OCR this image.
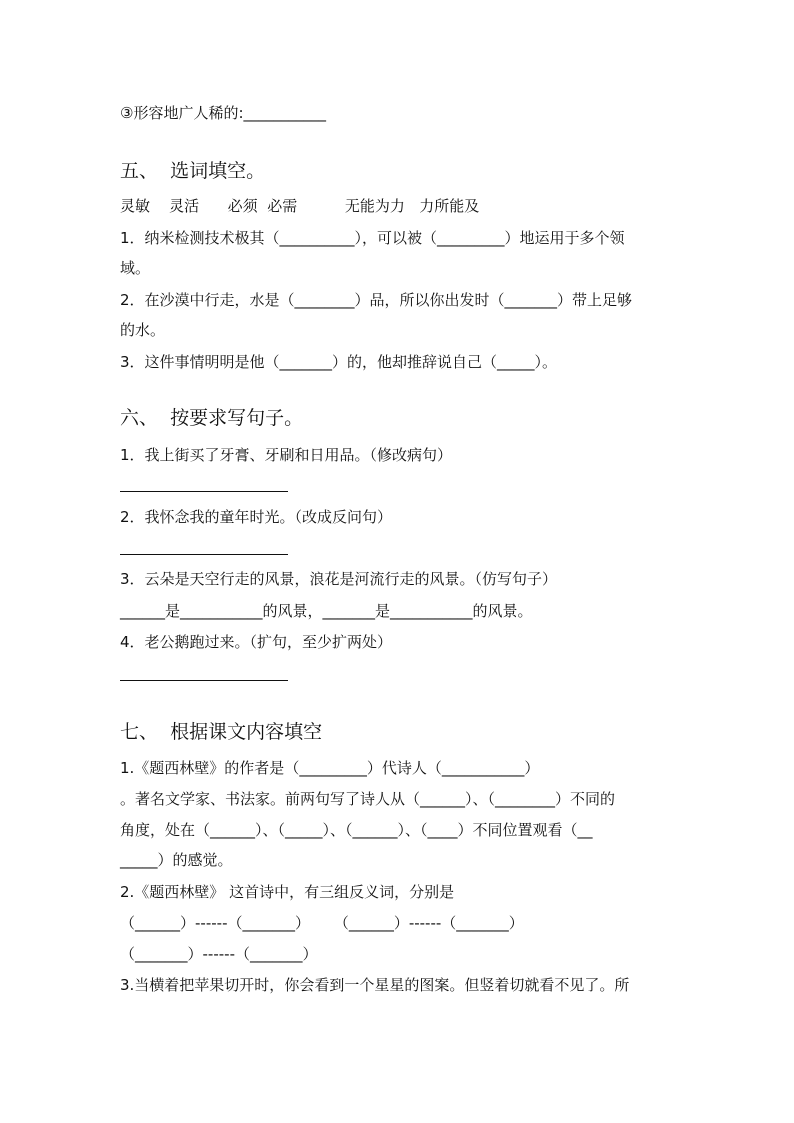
③形容地广人稀的:___________
五、  选词填空。
灵敏    灵活      必须  必需          无能为力   力所能及
1．纳米检测技术极其（__________），可以被（_________）地运用于多个领
域。
2．在沙漠中行走，水是（________）品，所以你出发时（_______）带上足够
的水。
3．这件事情明明是他（_______）的，他却推辞说自己（_____）。
六、  按要求写句子。
1．我上街买了牙膏、牙刷和日用品。（修改病句）
2．我怀念我的童年时光。（改成反问句）
3．云朵是天空行走的风景，浪花是河流行走的风景。（仿写句子）
______是___________的风景，_______是___________的风景。
4．老公鹅跑过来。（扩句，至少扩两处）
七、  根据课文内容填空
1.《题西林壁》的作者是（_________）代诗人（___________）
。著名文学家、书法家。前两句写了诗人从（______）、（________）不同的
角度，处在（______）、（_____）、（______）、（____）不同位置观看（__
_____）的感觉。
2.《题西林壁》 这首诗中，有三组反义词，分别是
（______）------（_______）     （______）------（_______）
（_______）------（_______）
3.当横着把苹果切开时，你会看到一个星星的图案。但竖着切就看不见了。所
